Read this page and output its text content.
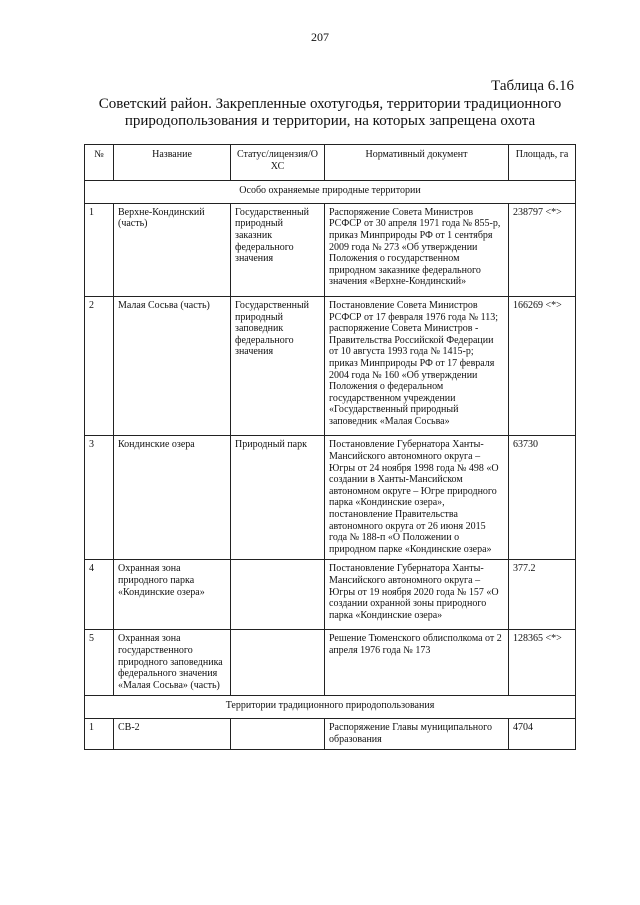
207
Таблица 6.16
Советский район. Закрепленные охотугодья, территории традиционного природопользования и территории, на которых запрещена охота
№	Название	Статус/лицензия/О ХС	Нормативный документ	Площадь, га
Особо охраняемые природные территории				
1	Верхне-Кондинский (часть)	Государственный природный заказник федерального значения	Распоряжение Совета Министров РСФСР от 30 апреля 1971 года № 855-р, приказ Минприроды РФ от 1 сентября 2009 года № 273 «Об утверждении Положения о государственном природном заказнике федерального значения «Верхне-Кондинский»	238797 <*>
2	Малая Сосьва (часть)	Государственный природный заповедник федерального значения	Постановление Совета Министров РСФСР от 17 февраля 1976 года № 113; распоряжение Совета Министров - Правительства Российской Федерации от 10 августа 1993 года № 1415-р; приказ Минприроды РФ от 17 февраля 2004 года № 160 «Об утверждении Положения о федеральном государственном учреждении «Государственный природный заповедник «Малая Сосьва»	166269 <*>
3	Кондинские озера	Природный парк	Постановление Губернатора Ханты-Мансийского автономного округа – Югры от 24 ноября 1998 года № 498 «О создании в Ханты-Мансийском автономном округе – Югре природного парка «Кондинские озера», постановление Правительства автономного округа от 26 июня 2015 года № 188-п «О Положении о природном парке «Кондинские озера»	63730
4	Охранная зона природного парка «Кондинские озера»		Постановление Губернатора Ханты-Мансийского автономного округа – Югры от 19 ноября 2020 года № 157 «О создании охранной зоны природного парка «Кондинские озера»	377.2
5	Охранная зона государственного природного заповедника федерального значения «Малая Сосьва» (часть)		Решение Тюменского облисполкома от 2 апреля 1976 года № 173	128365 <*>
Территории традиционного природопользования				
1	СВ-2		Распоряжение Главы муниципального образования	4704
